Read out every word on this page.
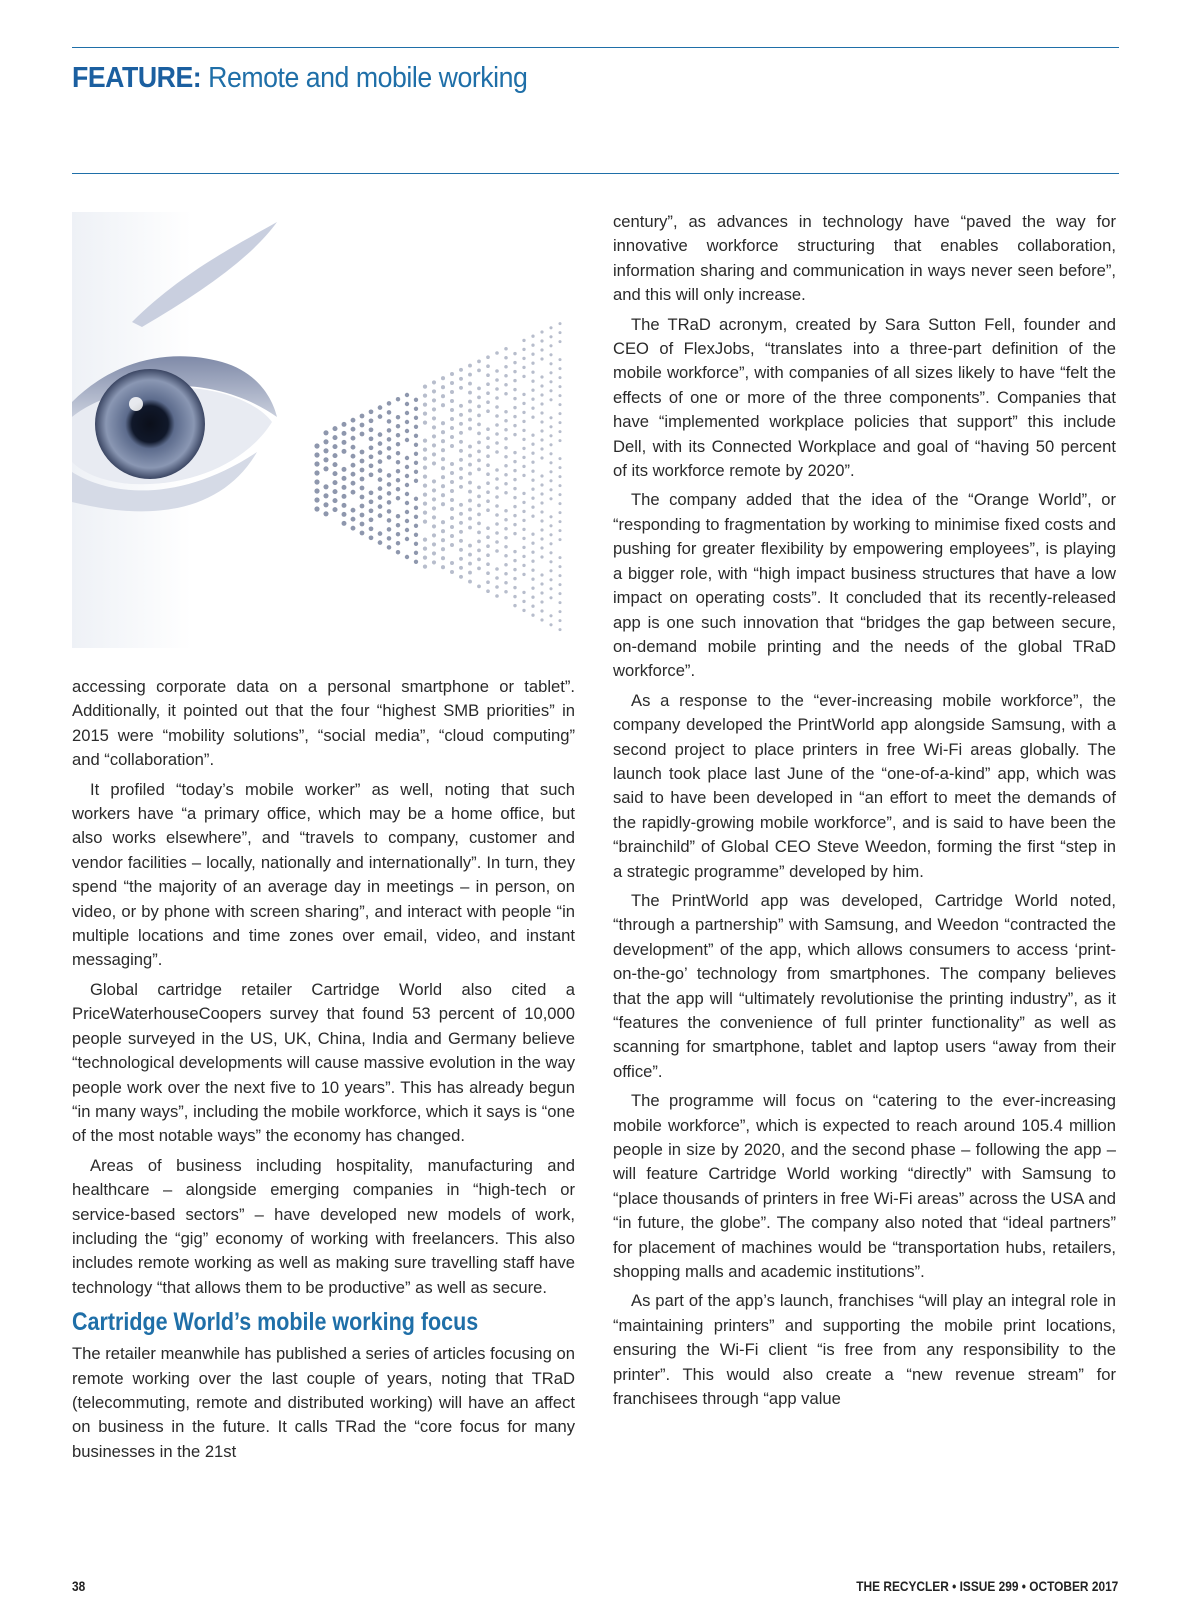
FEATURE: Remote and mobile working

accessing corporate data on a personal smartphone or tablet”. Additionally, it pointed out that the four “highest SMB priorities” in 2015 were “mobility solutions”, “social media”, “cloud computing” and “collaboration”.

It profiled “today’s mobile worker” as well, noting that such workers have “a primary office, which may be a home office, but also works elsewhere”, and “travels to company, customer and vendor facilities – locally, nationally and internationally”. In turn, they spend “the majority of an average day in meetings – in person, on video, or by phone with screen sharing”, and interact with people “in multiple locations and time zones over email, video, and instant messaging”.

Global cartridge retailer Cartridge World also cited a PriceWaterhouseCoopers survey that found 53 percent of 10,000 people surveyed in the US, UK, China, India and Germany believe “technological developments will cause massive evolution in the way people work over the next five to 10 years”. This has already begun “in many ways”, including the mobile workforce, which it says is “one of the most notable ways” the economy has changed.

Areas of business including hospitality, manufacturing and healthcare – alongside emerging companies in “high-tech or service-based sectors” – have developed new models of work, including the “gig” economy of working with freelancers. This also includes remote working as well as making sure travelling staff have technology “that allows them to be productive” as well as secure.

Cartridge World’s mobile working focus

The retailer meanwhile has published a series of articles focusing on remote working over the last couple of years, noting that TRaD (telecommuting, remote and distributed working) will have an affect on business in the future. It calls TRad the “core focus for many businesses in the 21st

century”, as advances in technology have “paved the way for innovative workforce structuring that enables collaboration, information sharing and communication in ways never seen before”, and this will only increase.

The TRaD acronym, created by Sara Sutton Fell, founder and CEO of FlexJobs, “translates into a three-part definition of the mobile workforce”, with companies of all sizes likely to have “felt the effects of one or more of the three components”. Companies that have “implemented workplace policies that support” this include Dell, with its Connected Workplace and goal of “having 50 percent of its workforce remote by 2020”.

The company added that the idea of the “Orange World”, or “responding to fragmentation by working to minimise fixed costs and pushing for greater flexibility by empowering employees”, is playing a bigger role, with “high impact business structures that have a low impact on operating costs”. It concluded that its recently-released app is one such innovation that “bridges the gap between secure, on-demand mobile printing and the needs of the global TRaD workforce”.

As a response to the “ever-increasing mobile workforce”, the company developed the PrintWorld app alongside Samsung, with a second project to place printers in free Wi-Fi areas globally. The launch took place last June of the “one-of-a-kind” app, which was said to have been developed in “an effort to meet the demands of the rapidly-growing mobile workforce”, and is said to have been the “brainchild” of Global CEO Steve Weedon, forming the first “step in a strategic programme” developed by him.

The PrintWorld app was developed, Cartridge World noted, “through a partnership” with Samsung, and Weedon “contracted the development” of the app, which allows consumers to access ‘print-on-the-go’ technology from smartphones. The company believes that the app will “ultimately revolutionise the printing industry”, as it “features the convenience of full printer functionality” as well as scanning for smartphone, tablet and laptop users “away from their office”.

The programme will focus on “catering to the ever-increasing mobile workforce”, which is expected to reach around 105.4 million people in size by 2020, and the second phase – following the app – will feature Cartridge World working “directly” with Samsung to “place thousands of printers in free Wi-Fi areas” across the USA and “in future, the globe”. The company also noted that “ideal partners” for placement of machines would be “transportation hubs, retailers, shopping malls and academic institutions”.

As part of the app’s launch, franchises “will play an integral role in “maintaining printers” and supporting the mobile print locations, ensuring the Wi-Fi client “is free from any responsibility to the printer”. This would also create a “new revenue stream” for franchisees through “app value

38	THE RECYCLER • ISSUE 299 • OCTOBER 2017
